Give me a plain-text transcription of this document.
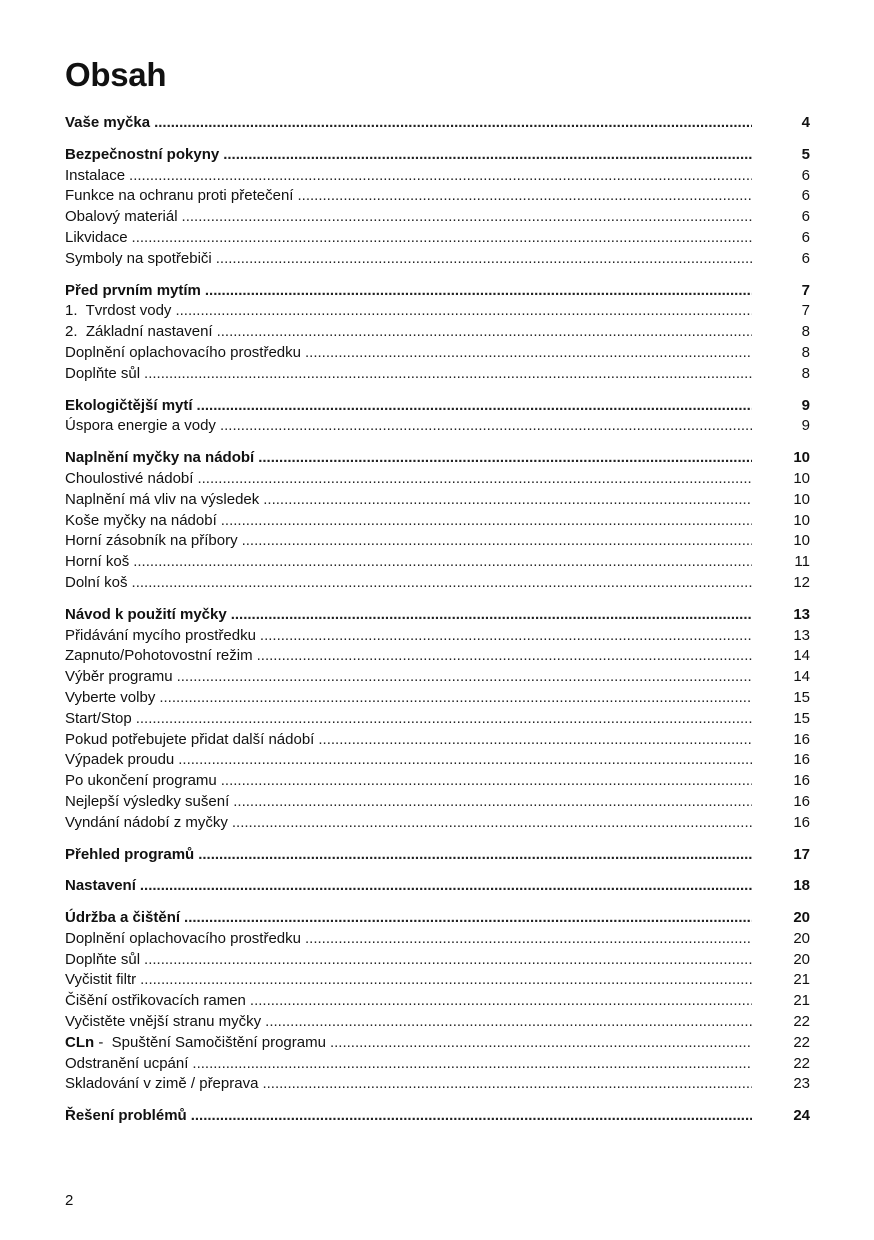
Obsah
Vaše myčka .....	4
Bezpečnostní pokyny .....	5
Instalace .....	6
Funkce na ochranu proti přetečení .....	6
Obalový materiál .....	6
Likvidace .....	6
Symboly na spotřebiči .....	6
Před prvním mytím .....	7
1.  Tvrdost vody .....	7
2.  Základní nastavení .....	8
Doplnění oplachovacího prostředku .....	8
Doplňte sůl .....	8
Ekologičtější mytí .....	9
Úspora energie a vody .....	9
Naplnění myčky na nádobí .....	10
Choulostivé nádobí .....	10
Naplnění má vliv na výsledek .....	10
Koše myčky na nádobí .....	10
Horní zásobník na příbory .....	10
Horní koš .....	11
Dolní koš .....	12
Návod k použití myčky .....	13
Přidávání mycího prostředku .....	13
Zapnuto/Pohotovostní režim .....	14
Výběr programu .....	14
Vyberte volby .....	15
Start/Stop .....	15
Pokud potřebujete přidat další nádobí .....	16
Výpadek proudu .....	16
Po ukončení programu .....	16
Nejlepší výsledky sušení .....	16
Vyndání nádobí z myčky .....	16
Přehled programů .....	17
Nastavení .....	18
Údržba a čištění .....	20
Doplnění oplachovacího prostředku .....	20
Doplňte sůl .....	20
Vyčistit filtr .....	21
Čišění ostřikovacích ramen .....	21
Vyčistěte vnější stranu myčky .....	22
CLn -  Spuštění Samočištění programu .....	22
Odstranění ucpání .....	22
Skladování v zimě / přeprava .....	23
Řešení problémů .....	24
2
